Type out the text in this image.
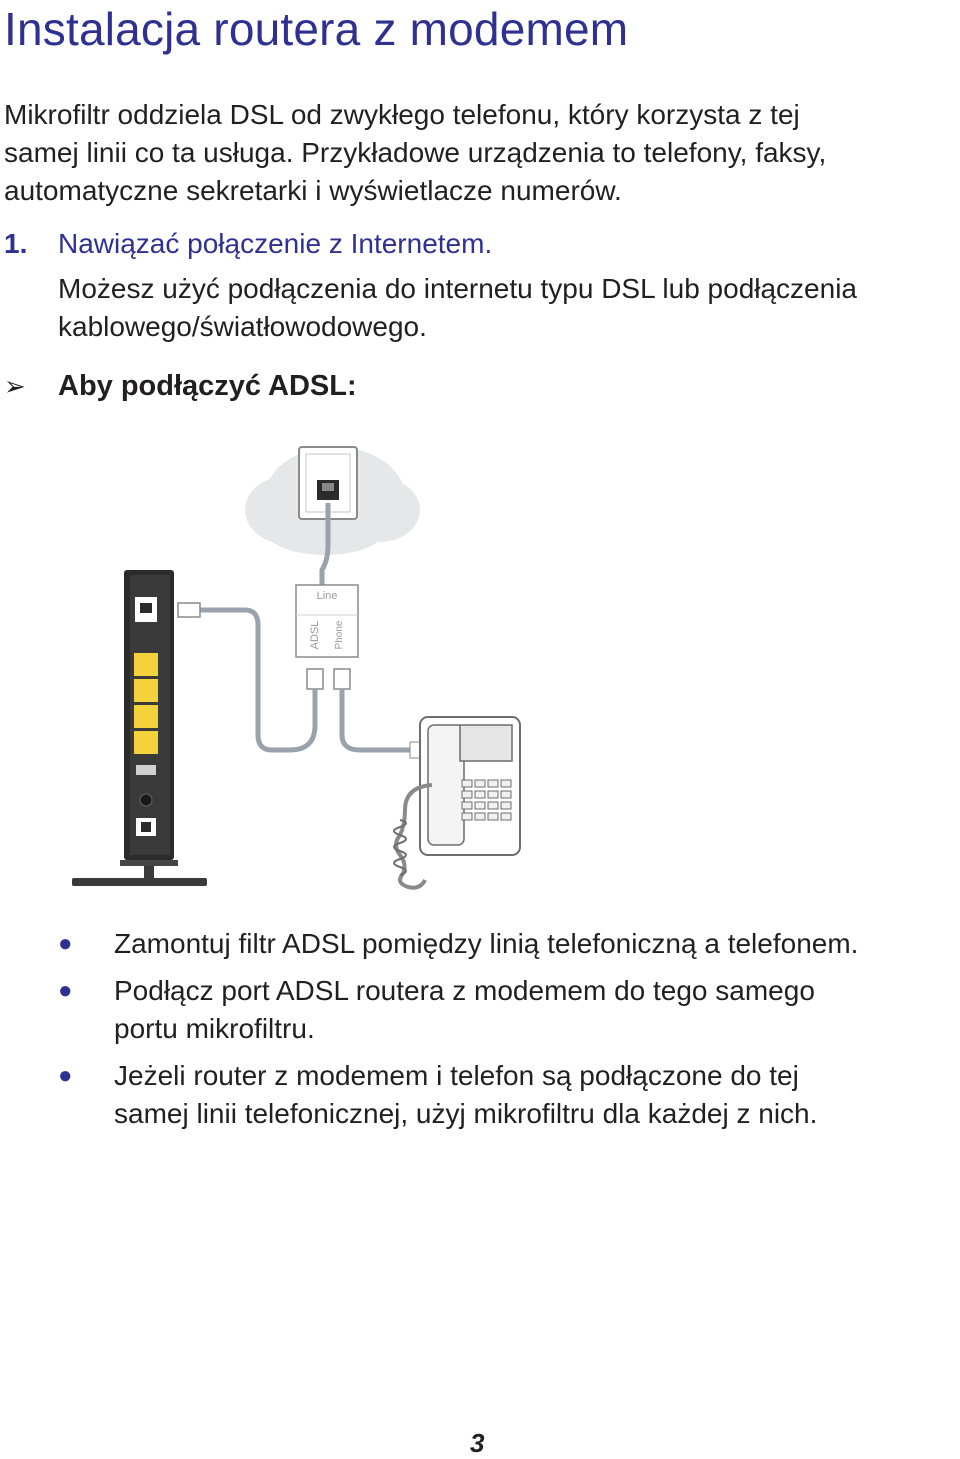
Instalacja routera z modemem
Mikrofiltr oddziela DSL od zwykłego telefonu, który korzysta z tej
samej linii co ta usługa. Przykładowe urządzenia to telefony, faksy,
automatyczne sekretarki i wyświetlacze numerów.
1. Nawiązać połączenie z Internetem.
Możesz użyć podłączenia do internetu typu DSL lub podłączenia
kablowego/światłowodowego.
➢ Aby podłączyć ADSL:
Line
ADSL Phone
● Zamontuj filtr ADSL pomiędzy linią telefoniczną a telefonem.
● Podłącz port ADSL routera z modemem do tego samego
portu mikrofiltru.
● Jeżeli router z modemem i telefon są podłączone do tej
samej linii telefonicznej, użyj mikrofiltru dla każdej z nich.
3
